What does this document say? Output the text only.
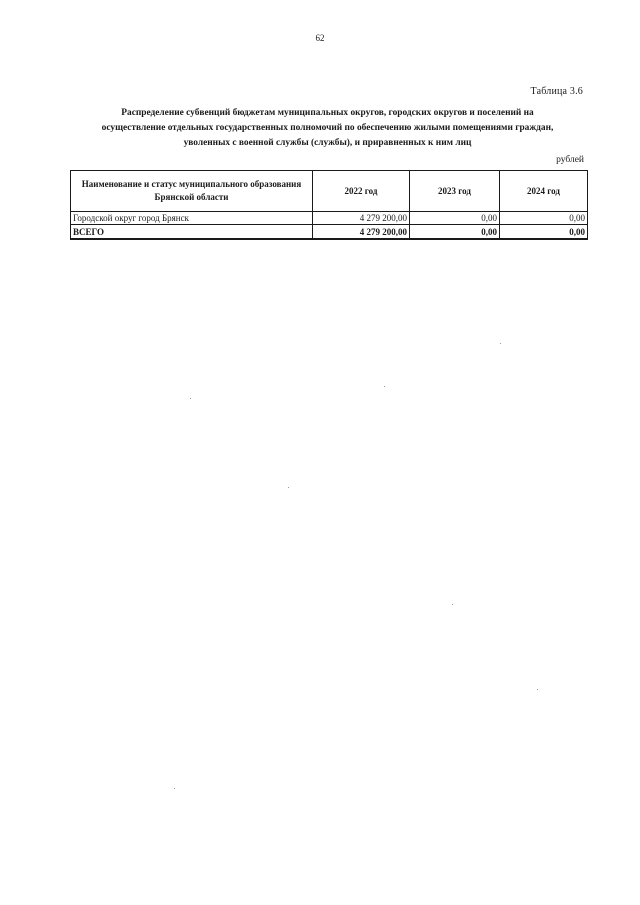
62
Таблица 3.6
Распределение субвенций бюджетам муниципальных округов, городских округов и поселений на
осуществление отдельных государственных полномочий по обеспечению жилыми помещениями граждан,
уволенных с военной службы (службы), и приравненных к ним лиц
рублей
Наименование и статус муниципального образования Брянской области	2022 год	2023 год	2024 год
Городской округ город Брянск	4 279 200,00	0,00	0,00
ВСЕГО	4 279 200,00	0,00	0,00
